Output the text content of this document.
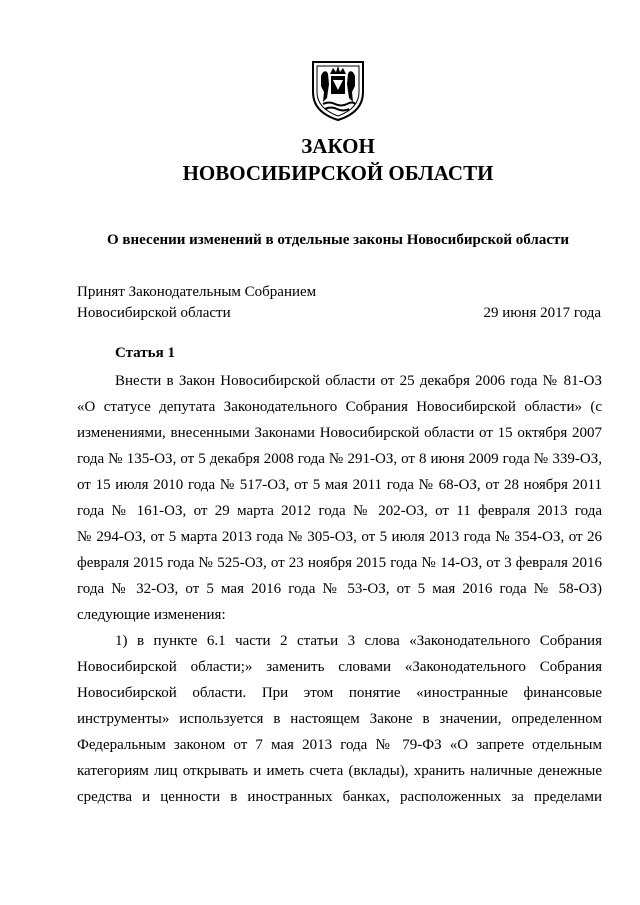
ЗАКОН
НОВОСИБИРСКОЙ ОБЛАСТИ
О внесении изменений в отдельные законы Новосибирской области
Принят Законодательным Собранием
Новосибирской области	29 июня 2017 года
Статья 1
Внести в Закон Новосибирской области от 25 декабря 2006 года № 81-ОЗ
«О статусе депутата Законодательного Собрания Новосибирской области» (с
изменениями, внесенными Законами Новосибирской области от 15 октября 2007
года № 135-ОЗ, от 5 декабря 2008 года № 291-ОЗ, от 8 июня 2009 года № 339-ОЗ,
от 15 июля 2010 года № 517-ОЗ, от 5 мая 2011 года № 68-ОЗ, от 28 ноября 2011
года № 161-ОЗ, от 29 марта 2012 года № 202-ОЗ, от 11 февраля 2013 года
№ 294-ОЗ, от 5 марта 2013 года № 305-ОЗ, от 5 июля 2013 года № 354-ОЗ, от 26
февраля 2015 года № 525-ОЗ, от 23 ноября 2015 года № 14-ОЗ, от 3 февраля 2016
года № 32-ОЗ, от 5 мая 2016 года № 53-ОЗ, от 5 мая 2016 года № 58-ОЗ)
следующие изменения:
1) в пункте 6.1 части 2 статьи 3 слова «Законодательного Собрания
Новосибирской области;» заменить словами «Законодательного Собрания
Новосибирской области. При этом понятие «иностранные финансовые
инструменты» используется в настоящем Законе в значении, определенном
Федеральным законом от 7 мая 2013 года № 79-ФЗ «О запрете отдельным
категориям лиц открывать и иметь счета (вклады), хранить наличные денежные
средства и ценности в иностранных банках, расположенных за пределами
